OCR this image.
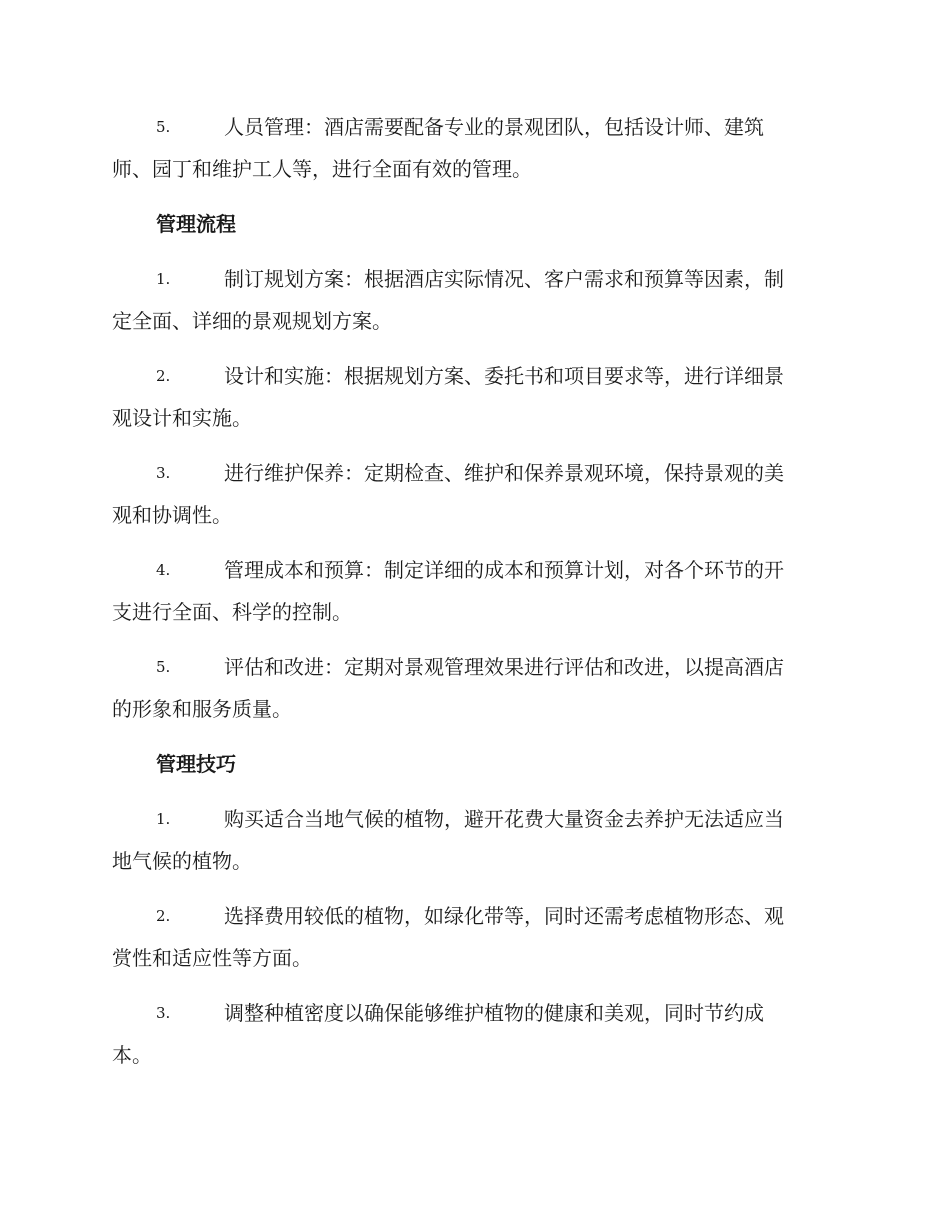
5.	人员管理：酒店需要配备专业的景观团队，包括设计师、建筑
师、园丁和维护工人等，进行全面有效的管理。
管理流程
1.	制订规划方案：根据酒店实际情况、客户需求和预算等因素，制
定全面、详细的景观规划方案。
2.	设计和实施：根据规划方案、委托书和项目要求等，进行详细景
观设计和实施。
3.	进行维护保养：定期检查、维护和保养景观环境，保持景观的美
观和协调性。
4.	管理成本和预算：制定详细的成本和预算计划，对各个环节的开
支进行全面、科学的控制。
5.	评估和改进：定期对景观管理效果进行评估和改进，以提高酒店
的形象和服务质量。
管理技巧
1.	购买适合当地气候的植物，避开花费大量资金去养护无法适应当
地气候的植物。
2.	选择费用较低的植物，如绿化带等，同时还需考虑植物形态、观
赏性和适应性等方面。
3.	调整种植密度以确保能够维护植物的健康和美观，同时节约成
本。
